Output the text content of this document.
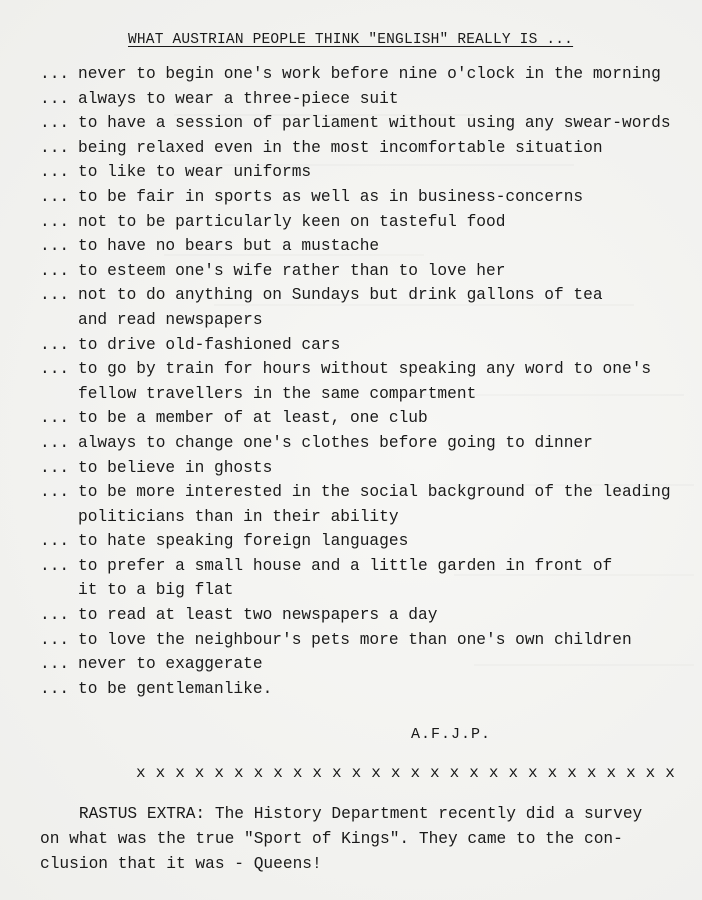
WHAT AUSTRIAN PEOPLE THINK "ENGLISH" REALLY IS ...
... never to begin one's work before nine o'clock in the morning
... always to wear a three-piece suit
... to have a session of parliament without using any swear-words
... being relaxed even in the most incomfortable situation
... to like to wear uniforms
... to be fair in sports as well as in business-concerns
... not to be particularly keen on tasteful food
... to have no bears but a mustache
... to esteem one's wife rather than to love her
... not to do anything on Sundays but drink gallons of tea
and read newspapers
... to drive old-fashioned cars
... to go by train for hours without speaking any word to one's
fellow travellers in the same compartment
... to be a member of at least, one club
... always to change one's clothes before going to dinner
... to believe in ghosts
... to be more interested in the social background of the leading
politicians than in their ability
... to hate speaking foreign languages
... to prefer a small house and a little garden in front of
it to a big flat
... to read at least two newspapers a day
... to love the neighbour's pets more than one's own children
... never to exaggerate
... to be gentlemanlike.
A.F.J.P.
x x x x x x x x x x x x x x x x x x x x x x x x x x x x
RASTUS EXTRA: The History Department recently did a survey
on what was the true "Sport of Kings". They came to the con-
clusion that it was - Queens!
